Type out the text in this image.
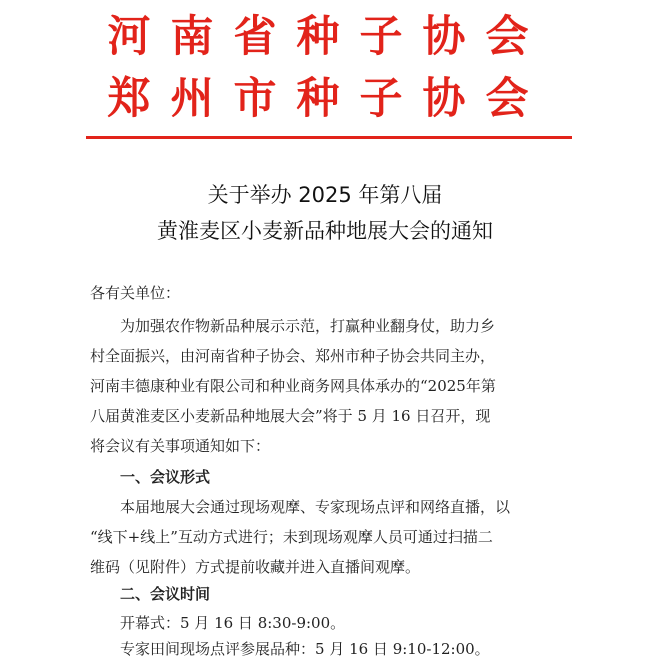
河南省种子协会
郑州市种子协会
关于举办 2025 年第八届
黄淮麦区小麦新品种地展大会的通知
各有关单位：
为加强农作物新品种展示示范，打赢种业翻身仗，助力乡
村全面振兴，由河南省种子协会、郑州市种子协会共同主办，
河南丰德康种业有限公司和种业商务网具体承办的“2025年第
八届黄淮麦区小麦新品种地展大会”将于 5 月 16 日召开，现
将会议有关事项通知如下：
一、会议形式
本届地展大会通过现场观摩、专家现场点评和网络直播，以
“线下+线上”互动方式进行；未到现场观摩人员可通过扫描二
维码（见附件）方式提前收藏并进入直播间观摩。
二、会议时间
开幕式：5 月 16 日 8:30-9:00。
专家田间现场点评参展品种：5 月 16 日 9:10-12:00。
